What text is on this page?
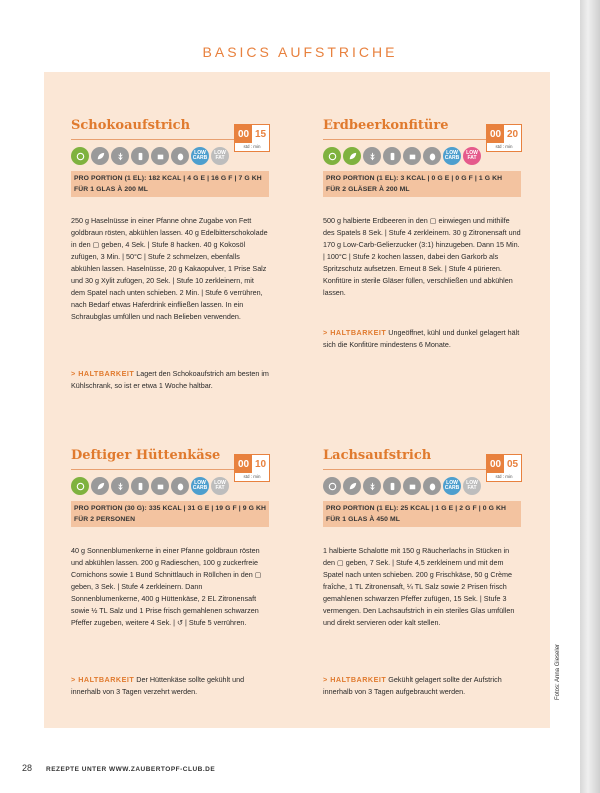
BASICS AUFSTRICHE
Schokoaufstrich
00 15
std : min
LOW CARB
LOW FAT
PRO PORTION (1 EL): 182 KCAL | 4 G E | 16 G F | 7 G KH
FÜR 1 GLAS À 200 ML
250 g Haselnüsse in einer Pfanne ohne Zugabe von Fett goldbraun rösten, abkühlen lassen. 40 g Edelbitterschokolade in den ▢ geben, 4 Sek. | Stufe 8 hacken. 40 g Kokosöl zufügen, 3 Min. | 50°C | Stufe 2 schmelzen, ebenfalls abkühlen lassen. Haselnüsse, 20 g Kakaopulver, 1 Prise Salz und 30 g Xylit zufügen, 20 Sek. | Stufe 10 zerkleinern, mit dem Spatel nach unten schieben. 2 Min. | Stufe 6 verrühren, nach Bedarf etwas Haferdrink einfließen lassen. In ein Schraubglas umfüllen und nach Belieben verwenden.
> HALTBARKEIT Lagert den Schokoaufstrich am besten im Kühlschrank, so ist er etwa 1 Woche haltbar.
Erdbeerkonfitüre
00 20
std : min
LOW CARB
LOW FAT
PRO PORTION (1 EL): 3 KCAL | 0 G E | 0 G F | 1 G KH
FÜR 2 GLÄSER À 200 ML
500 g halbierte Erdbeeren in den ▢ einwiegen und mithilfe des Spatels 8 Sek. | Stufe 4 zerkleinern. 30 g Zitronensaft und 170 g Low-Carb-Gelierzucker (3:1) hinzugeben. Dann 15 Min. | 100°C | Stufe 2 kochen lassen, dabei den Garkorb als Spritzschutz aufsetzen. Erneut 8 Sek. | Stufe 4 pürieren. Konfitüre in sterile Gläser füllen, verschließen und abkühlen lassen.
> HALTBARKEIT Ungeöffnet, kühl und dunkel gelagert hält sich die Konfitüre mindestens 6 Monate.
Deftiger Hüttenkäse
00 10
std : min
LOW CARB
LOW FAT
PRO PORTION (30 G): 335 KCAL | 31 G E | 19 G F | 9 G KH
FÜR 2 PERSONEN
40 g Sonnenblumenkerne in einer Pfanne goldbraun rösten und abkühlen lassen. 200 g Radieschen, 100 g zuckerfreie Cornichons sowie 1 Bund Schnittlauch in Röllchen in den ▢ geben, 3 Sek. | Stufe 4 zerkleinern. Dann Sonnenblumenkerne, 400 g Hüttenkäse, 2 EL Zitronensaft sowie ½ TL Salz und 1 Prise frisch gemahlenen schwarzen Pfeffer zugeben, weitere 4 Sek. | ↺ | Stufe 5 verrühren.
> HALTBARKEIT Der Hüttenkäse sollte gekühlt und innerhalb von 3 Tagen verzehrt werden.
Lachsaufstrich
00 05
std : min
LOW CARB
LOW FAT
PRO PORTION (1 EL): 25 KCAL | 1 G E | 2 G F | 0 G KH
FÜR 1 GLAS À 450 ML
1 halbierte Schalotte mit 150 g Räucherlachs in Stücken in den ▢ geben, 7 Sek. | Stufe 4,5 zerkleinern und mit dem Spatel nach unten schieben. 200 g Frischkäse, 50 g Crème fraîche, 1 TL Zitronensaft, ¼ TL Salz sowie 2 Prisen frisch gemahlenen schwarzen Pfeffer zufügen, 15 Sek. | Stufe 3 vermengen. Den Lachsaufstrich in ein steriles Glas umfüllen und direkt servieren oder kalt stellen.
> HALTBARKEIT Gekühlt gelagert sollte der Aufstrich innerhalb von 3 Tagen aufgebraucht werden.	Fotos: Anna Gieseler
28 REZEPTE UNTER WWW.ZAUBERTOPF-CLUB.DE
